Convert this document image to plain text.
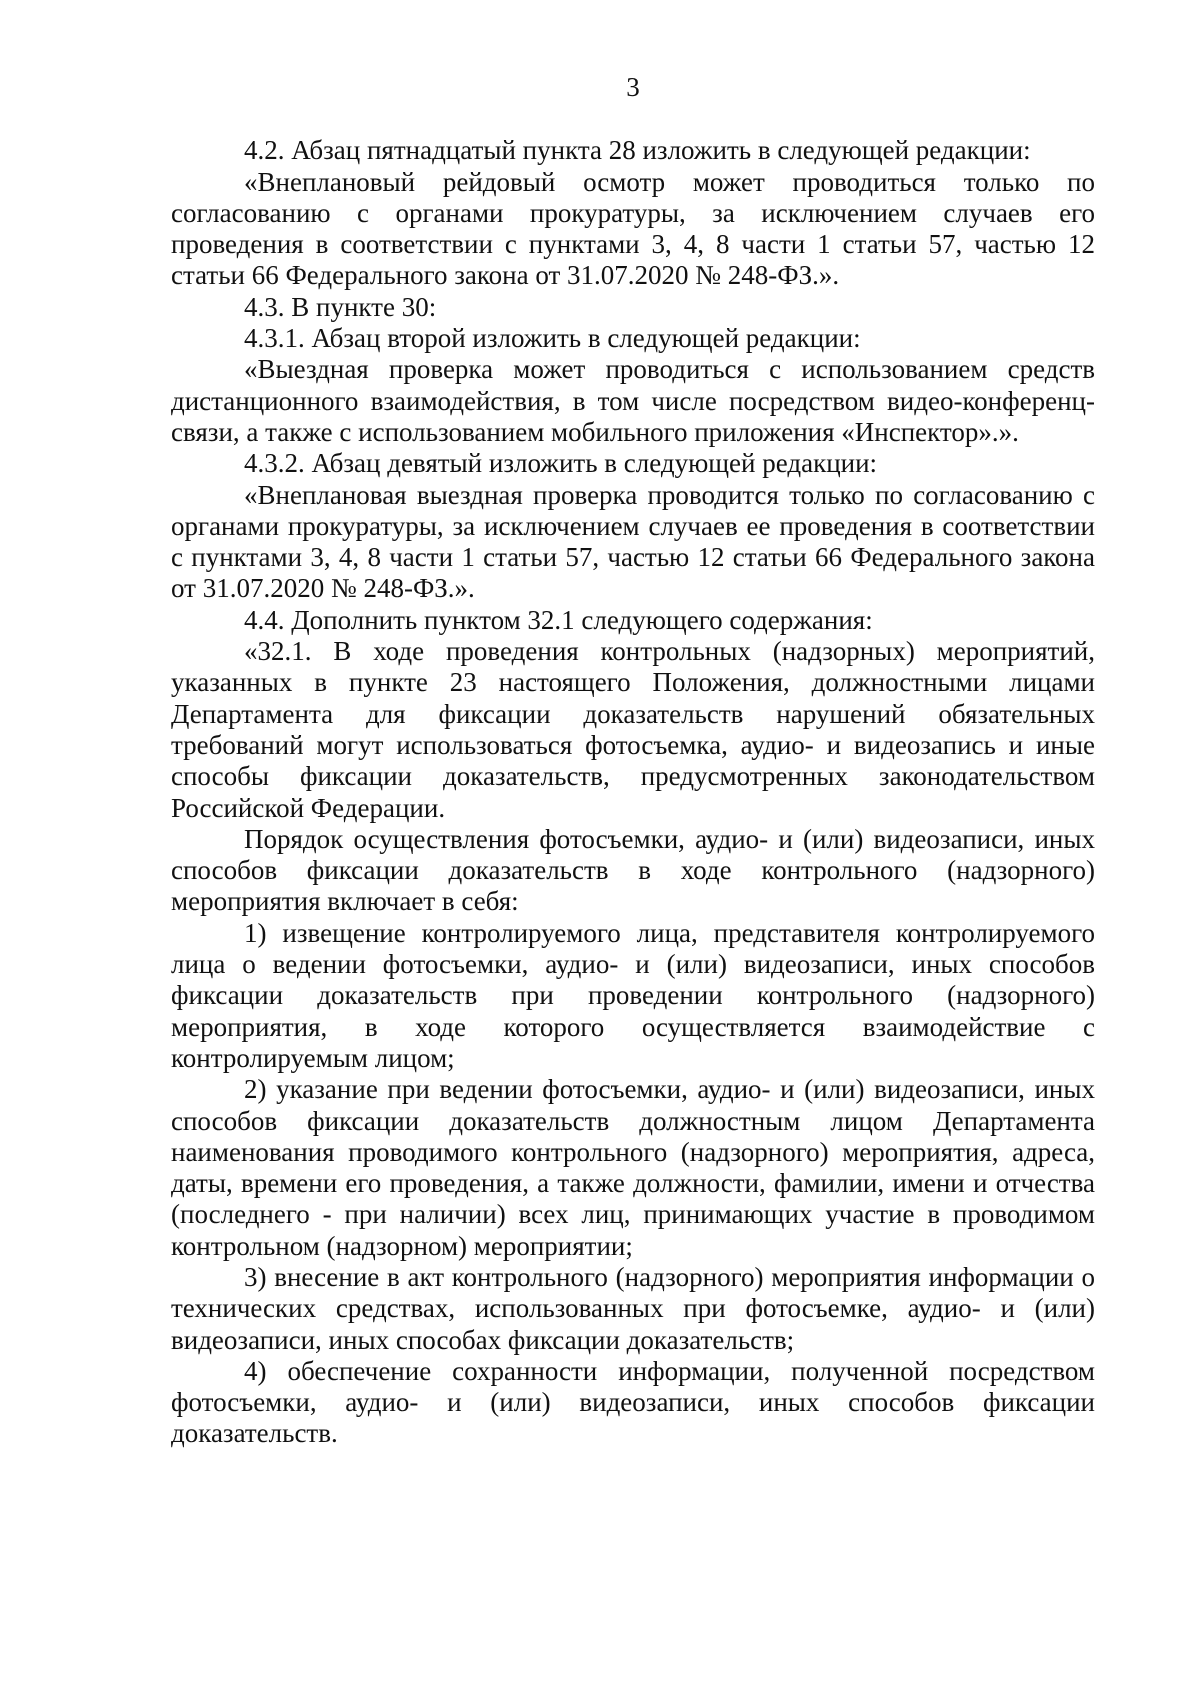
3

4.2. Абзац пятнадцатый пункта 28 изложить в следующей редакции:

«Внеплановый рейдовый осмотр может проводиться только по согласованию с органами прокуратуры, за исключением случаев его проведения в соответствии с пунктами 3, 4, 8 части 1 статьи 57, частью 12 статьи 66 Федерального закона от 31.07.2020 № 248-ФЗ.».

4.3. В пункте 30:

4.3.1. Абзац второй изложить в следующей редакции:

«Выездная проверка может проводиться с использованием средств дистанционного взаимодействия, в том числе посредством видео-конференц-связи, а также с использованием мобильного приложения «Инспектор».».

4.3.2. Абзац девятый изложить в следующей редакции:

«Внеплановая выездная проверка проводится только по согласованию с органами прокуратуры, за исключением случаев ее проведения в соответствии с пунктами 3, 4, 8 части 1 статьи 57, частью 12 статьи 66 Федерального закона от 31.07.2020 № 248-ФЗ.».

4.4. Дополнить пунктом 32.1 следующего содержания:

«32.1. В ходе проведения контрольных (надзорных) мероприятий, указанных в пункте 23 настоящего Положения, должностными лицами Департамента для фиксации доказательств нарушений обязательных требований могут использоваться фотосъемка, аудио- и видеозапись и иные способы фиксации доказательств, предусмотренных законодательством Российской Федерации.

Порядок осуществления фотосъемки, аудио- и (или) видеозаписи, иных способов фиксации доказательств в ходе контрольного (надзорного) мероприятия включает в себя:

1) извещение контролируемого лица, представителя контролируемого лица о ведении фотосъемки, аудио- и (или) видеозаписи, иных способов фиксации доказательств при проведении контрольного (надзорного) мероприятия, в ходе которого осуществляется взаимодействие с контролируемым лицом;

2) указание при ведении фотосъемки, аудио- и (или) видеозаписи, иных способов фиксации доказательств должностным лицом Департамента наименования проводимого контрольного (надзорного) мероприятия, адреса, даты, времени его проведения, а также должности, фамилии, имени и отчества (последнего - при наличии) всех лиц, принимающих участие в проводимом контрольном (надзорном) мероприятии;

3) внесение в акт контрольного (надзорного) мероприятия информации о технических средствах, использованных при фотосъемке, аудио- и (или) видеозаписи, иных способах фиксации доказательств;

4) обеспечение сохранности информации, полученной посредством фотосъемки, аудио- и (или) видеозаписи, иных способов фиксации доказательств.
